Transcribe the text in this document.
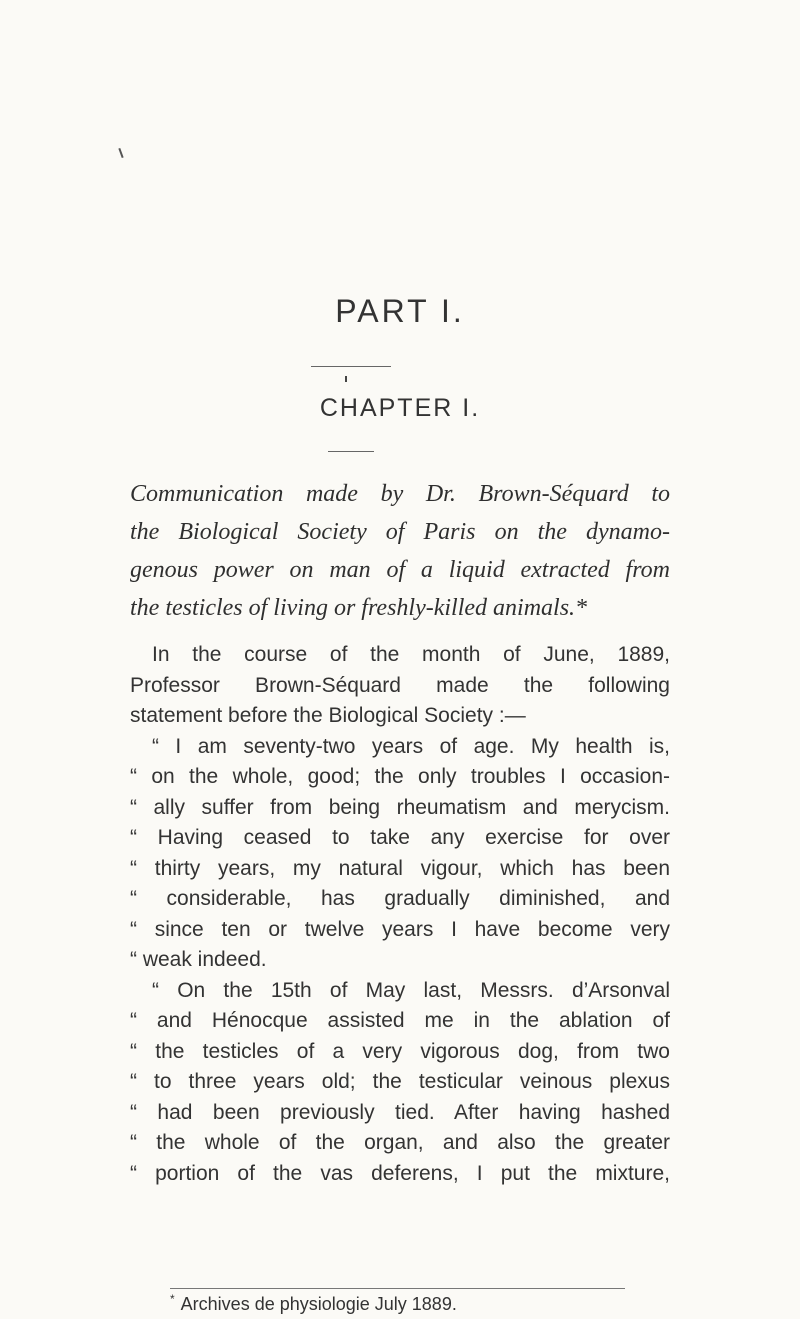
PART I.
CHAPTER I.
Communication made by Dr. Brown-Séquard to
the Biological Society of Paris on the dynamo-
genous power on man of a liquid extracted from
the testicles of living or freshly-killed animals.*
In the course of the month of June, 1889,
Professor Brown-Séquard made the following
statement before the Biological Society :—
“ I am seventy-two years of age. My health is,
“ on the whole, good; the only troubles I occasion-
“ ally suffer from being rheumatism and merycism.
“ Having ceased to take any exercise for over
“ thirty years, my natural vigour, which has been
“ considerable, has gradually diminished, and
“ since ten or twelve years I have become very
“ weak indeed.
“ On the 15th of May last, Messrs. d’Arsonval
“ and Hénocque assisted me in the ablation of
“ the testicles of a very vigorous dog, from two
“ to three years old; the testicular veinous plexus
“ had been previously tied. After having hashed
“ the whole of the organ, and also the greater
“ portion of the vas deferens, I put the mixture,
* Archives de physiologie July 1889.
